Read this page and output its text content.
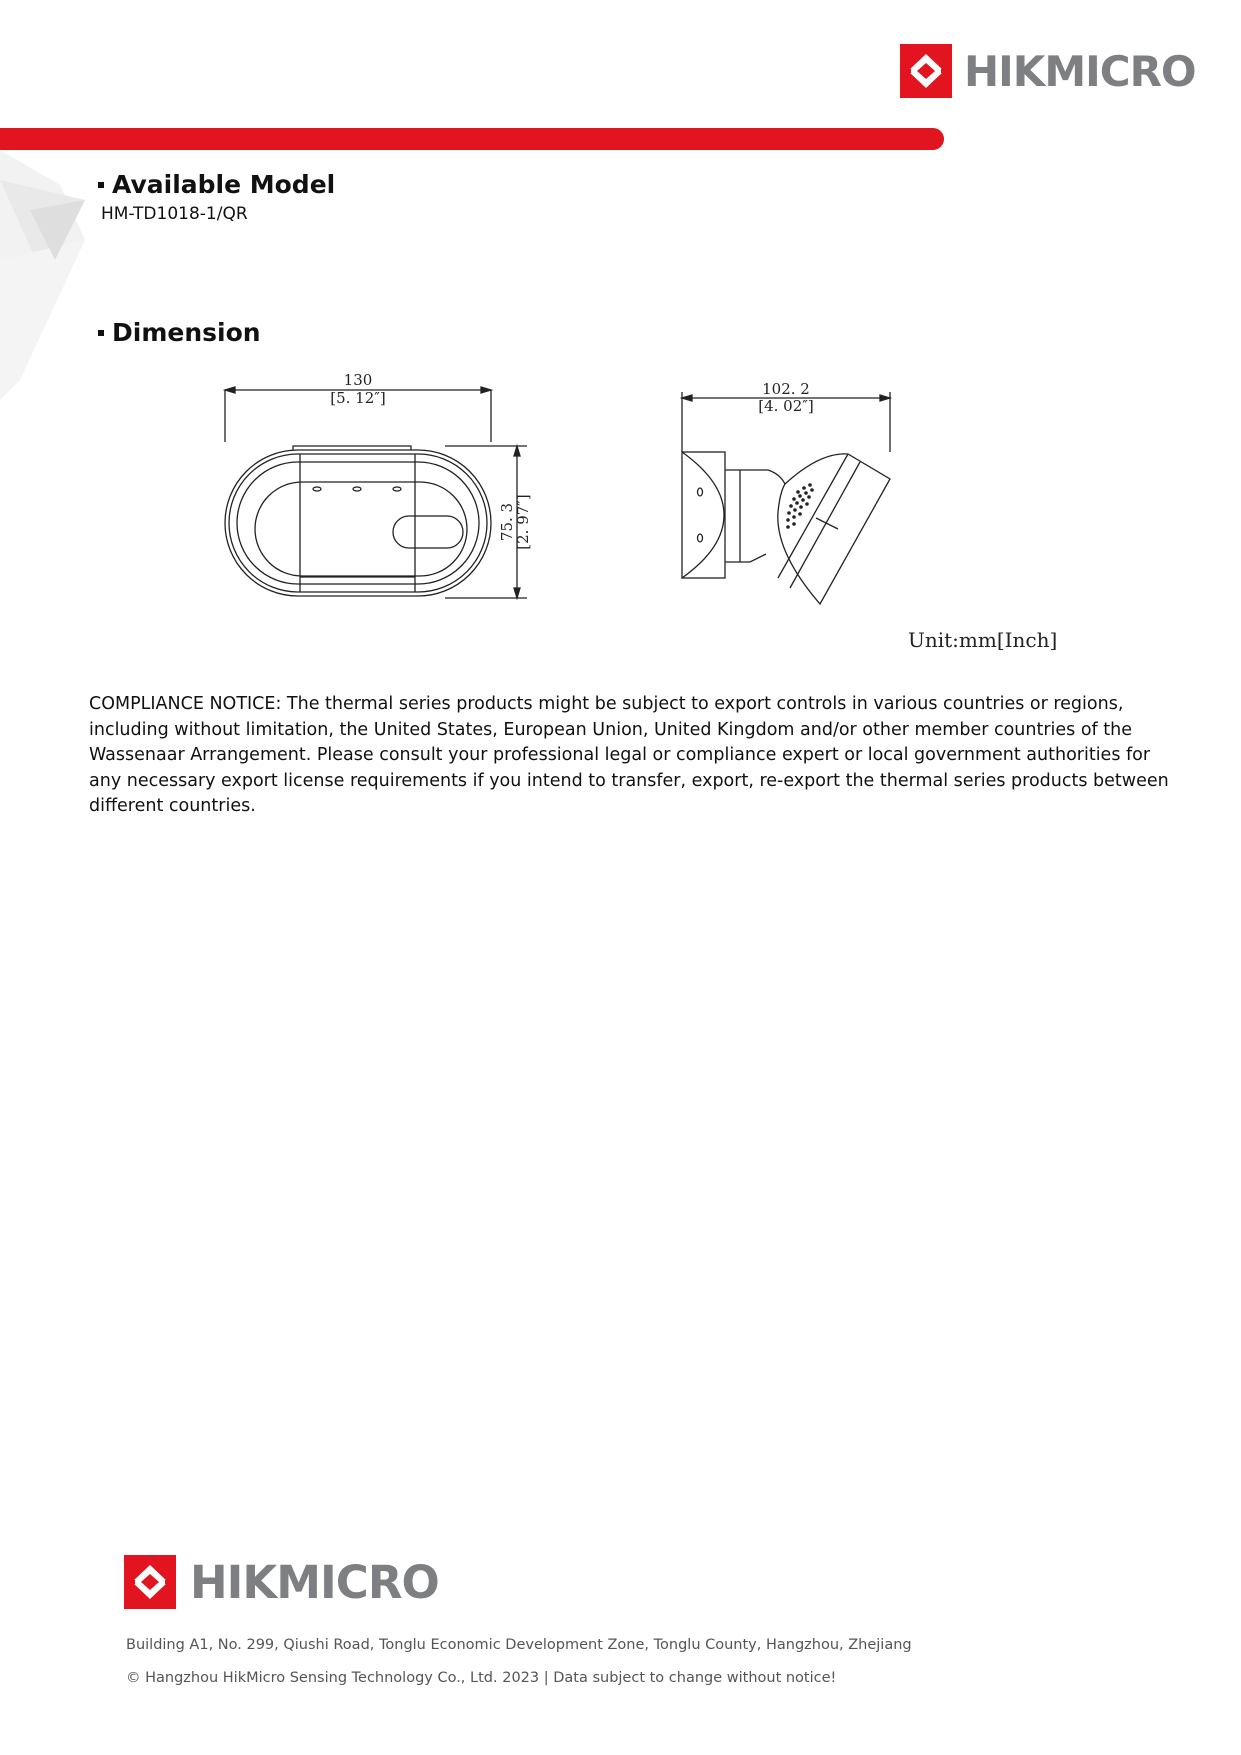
HIKMICRO
Available Model
HM-TD1018-1/QR
Dimension
130
[5. 12″]
75. 3
[2. 97″]
102. 2
[4. 02″]
Unit:mm[Inch]
COMPLIANCE NOTICE: The thermal series products might be subject to export controls in various countries or regions, including without limitation, the United States, European Union, United Kingdom and/or other member countries of the Wassenaar Arrangement. Please consult your professional legal or compliance expert or local government authorities for any necessary export license requirements if you intend to transfer, export, re-export the thermal series products between different countries.
HIKMICRO
Building A1, No. 299, Qiushi Road, Tonglu Economic Development Zone, Tonglu County, Hangzhou, Zhejiang
© Hangzhou HikMicro Sensing Technology Co., Ltd. 2023 | Data subject to change without notice!
